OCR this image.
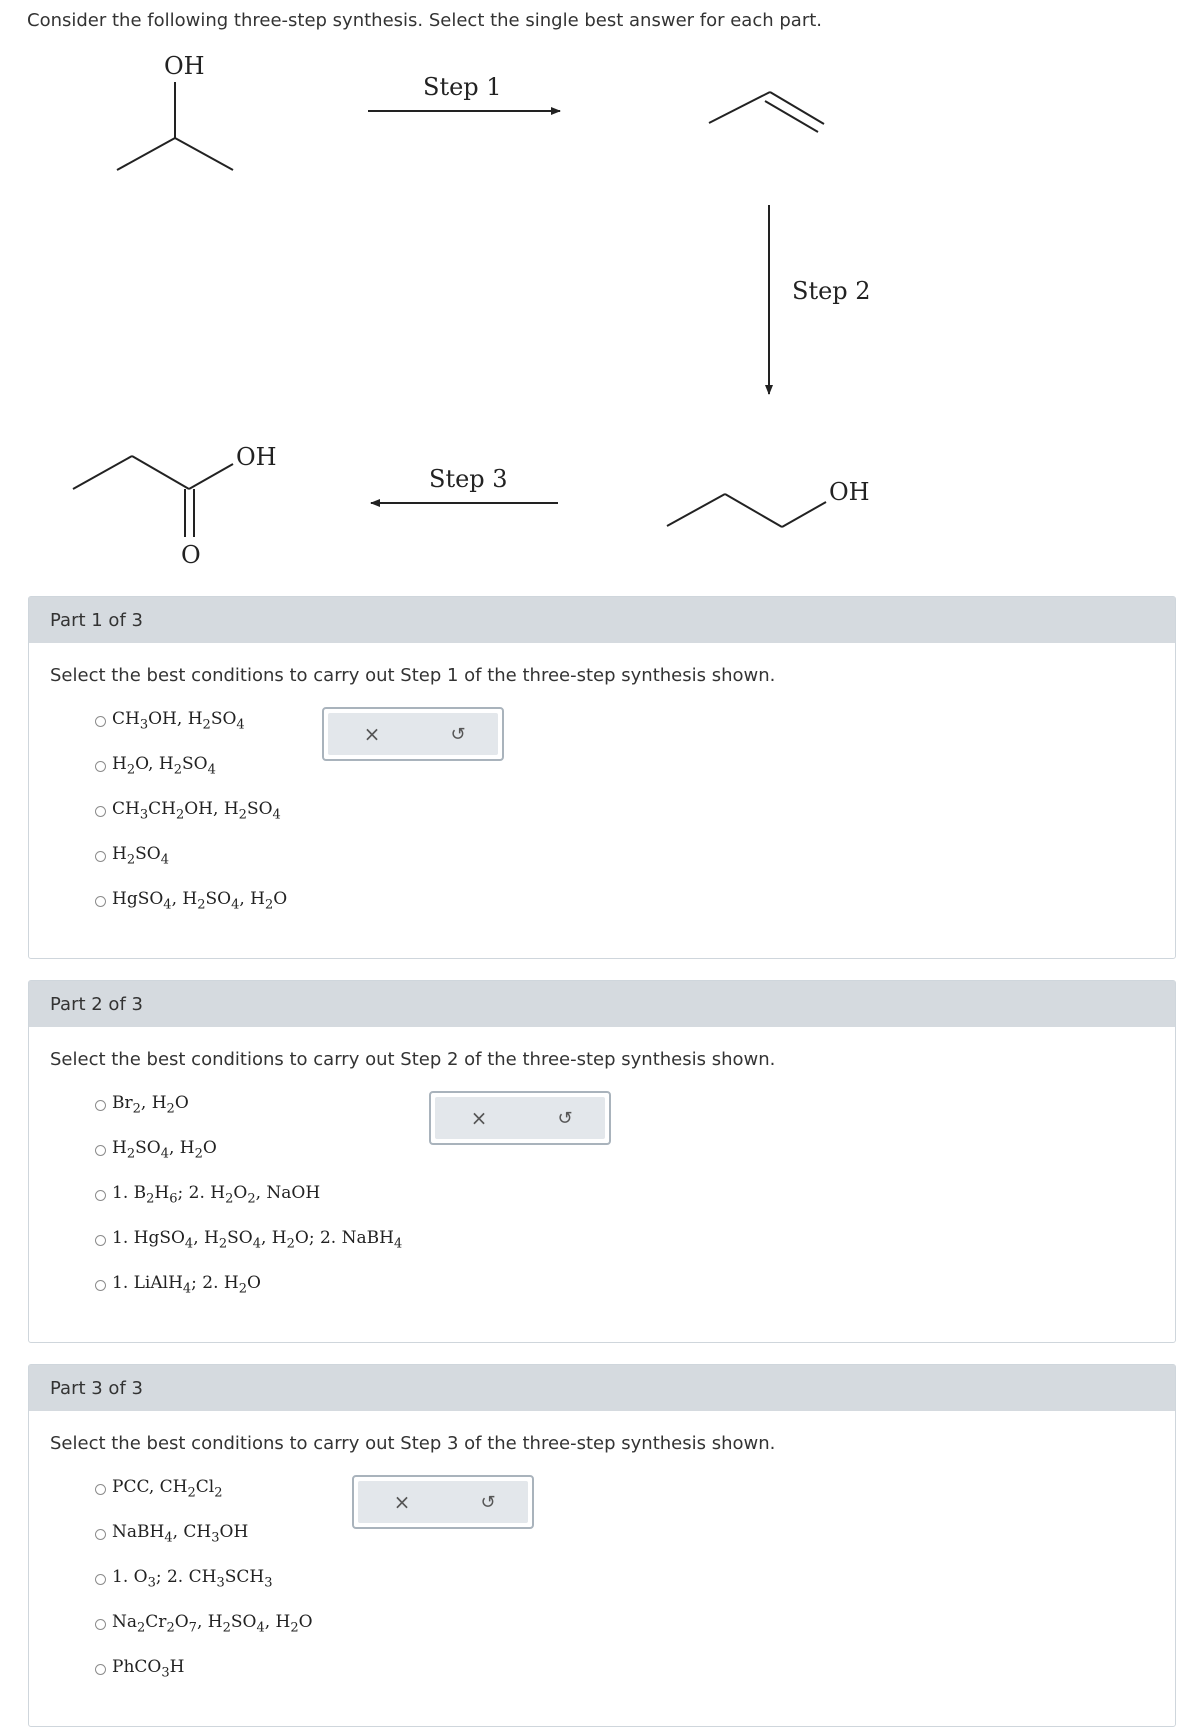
Consider the following three-step synthesis. Select the single best answer for each part.
OH
Step 1
Step 2
OH
Step 3
OH
O
Part 1 of 3
Select the best conditions to carry out Step 1 of the three-step synthesis shown.
$CH_3OH$, $H_2SO_4$
$H_2O$, $H_2SO_4$
$CH_3CH_2OH$, $H_2SO_4$
$H_2SO_4$
HgSO$_4$, $H_2SO_4$, $H_2O$
×	↺
Part 2 of 3
Select the best conditions to carry out Step 2 of the three-step synthesis shown.
$Br_2$, $H_2O$
$H_2SO_4$, $H_2O$
1. $B_2H_6$; 2. $H_2O_2$, NaOH
1. HgSO$_4$, $H_2SO_4$, $H_2O$; 2. NaBH$_4$
1. LiAlH$_4$; 2. $H_2O$
×	↺
Part 3 of 3
Select the best conditions to carry out Step 3 of the three-step synthesis shown.
PCC, $CH_2Cl_2$
NaBH$_4$, $CH_3OH$
1. $O_3$; 2. $CH_3SCH_3$
$Na_2Cr_2O_7$, $H_2SO_4$, $H_2O$
PhCO$_3$H
×	↺
